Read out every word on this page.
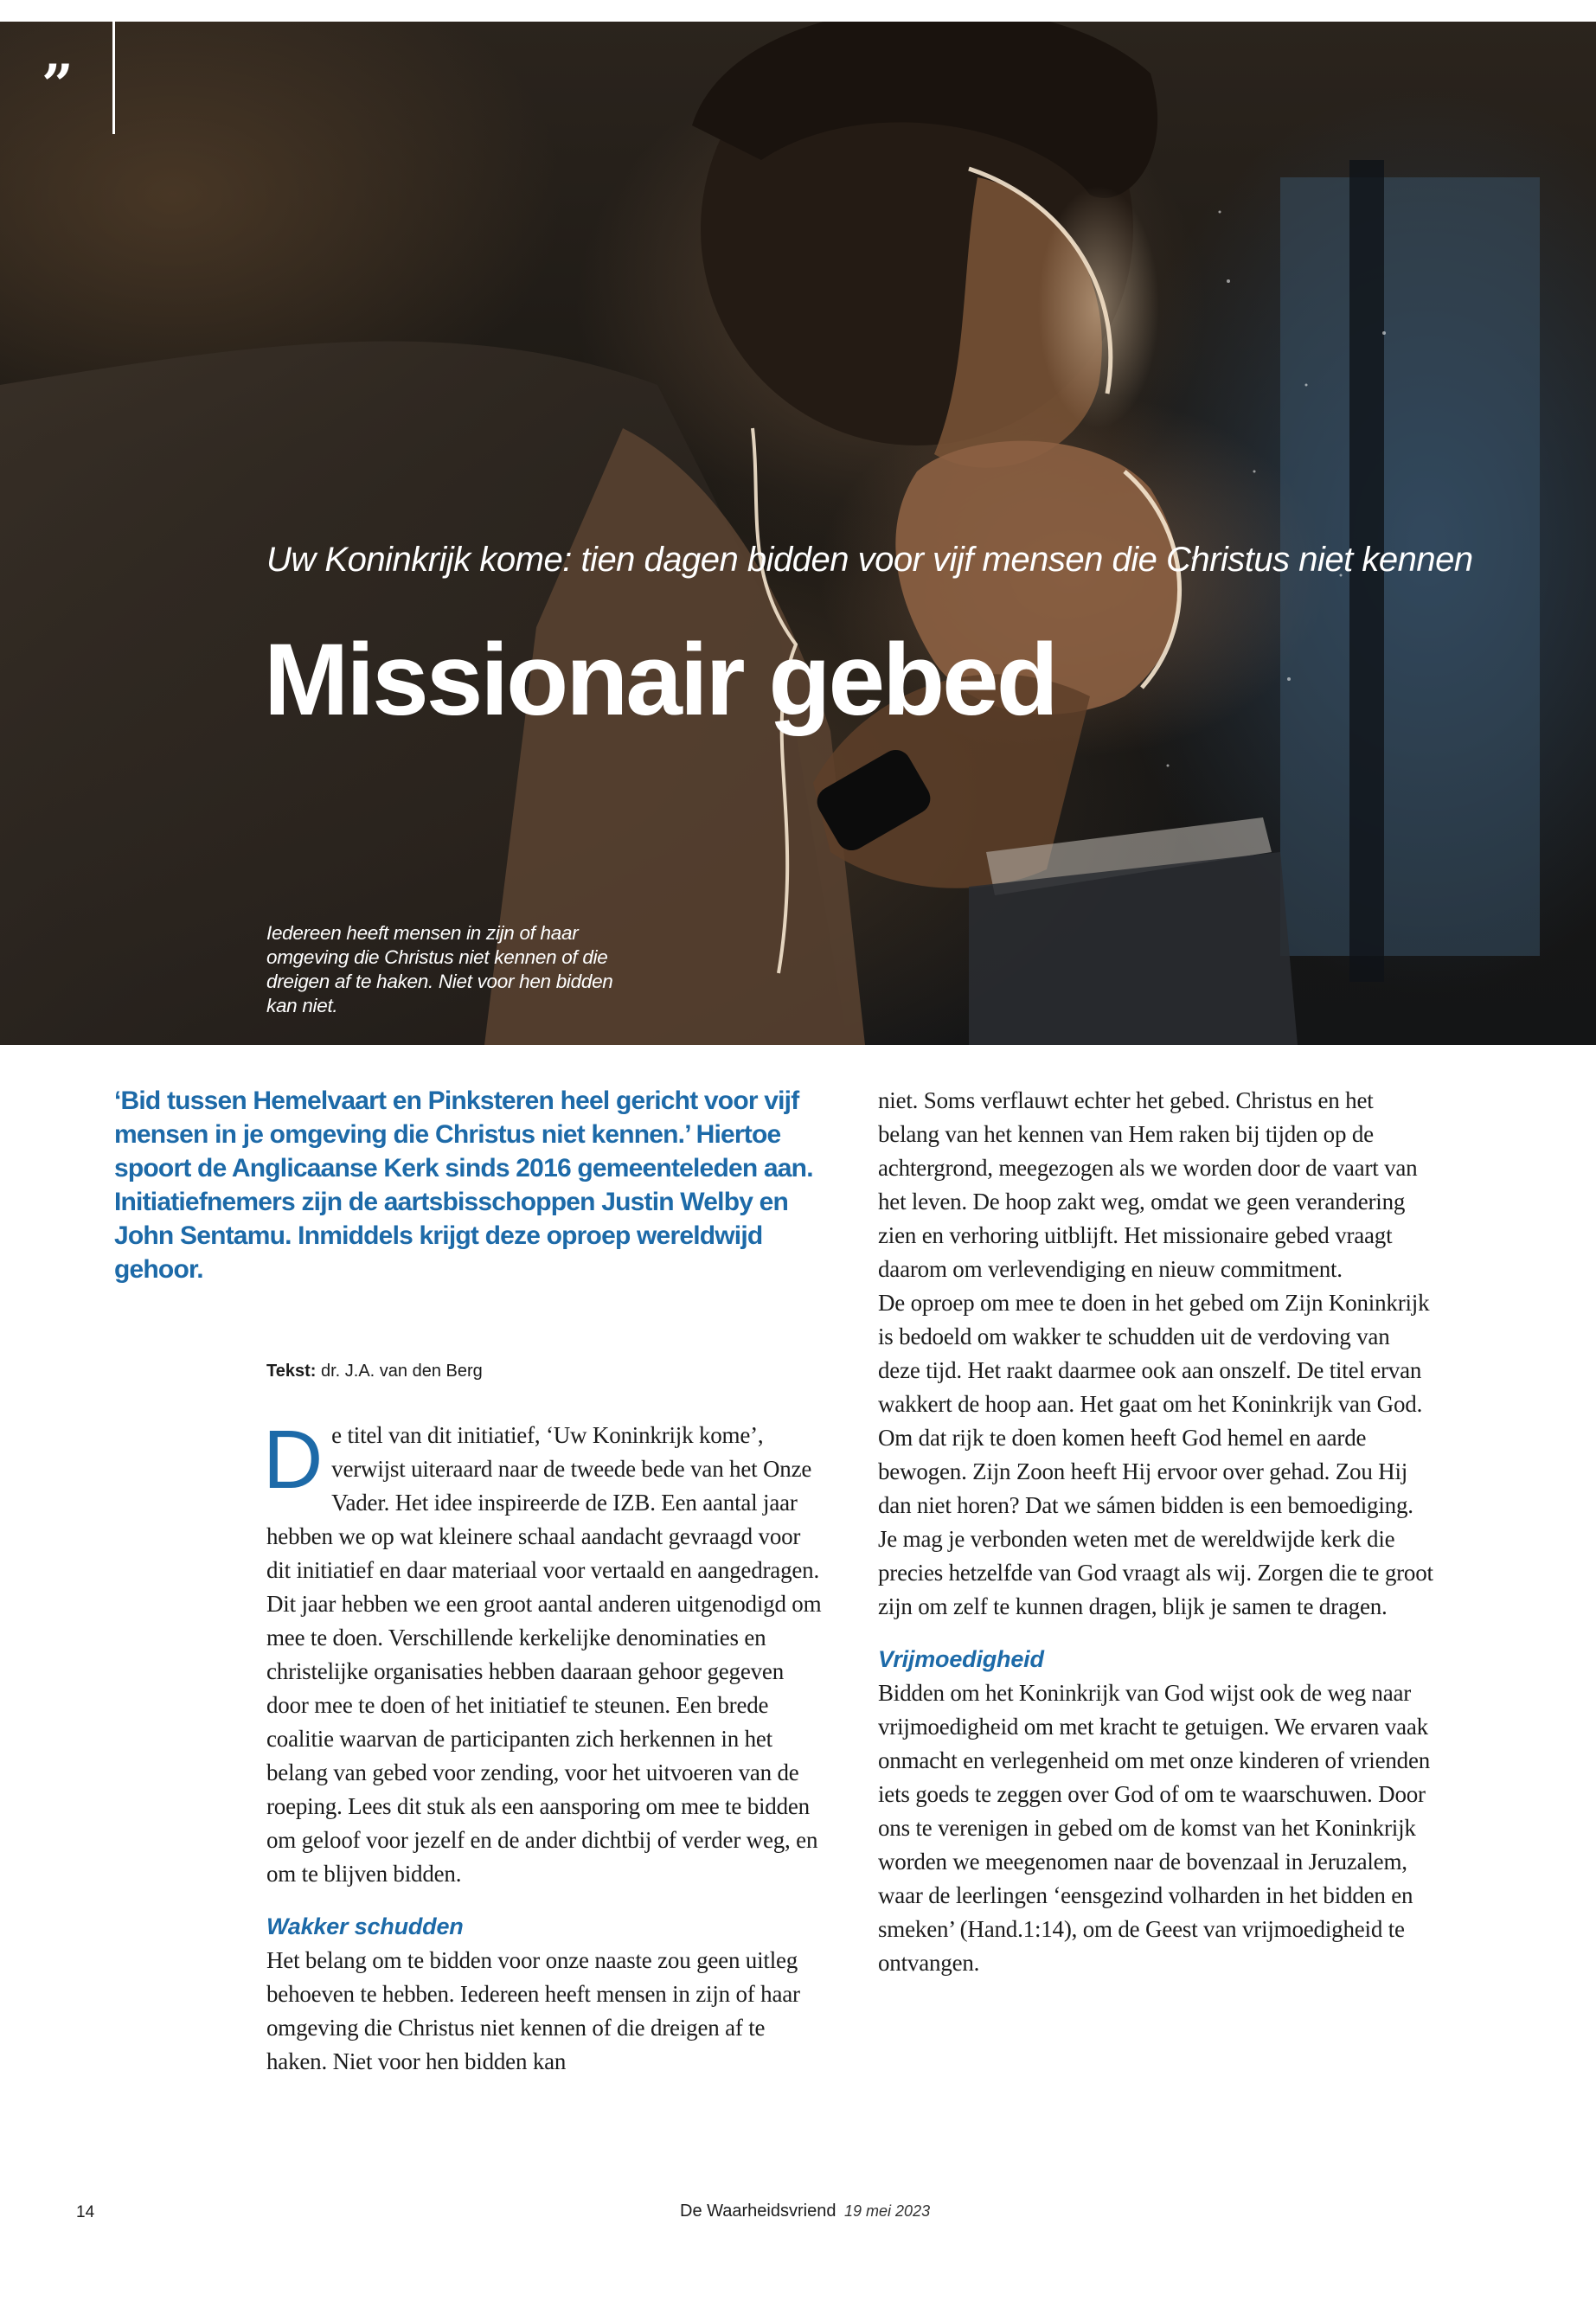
”
Uw Koninkrijk kome: tien dagen bidden voor vijf mensen die Christus niet kennen
Missionair gebed
Iedereen heeft mensen in zijn of haar omgeving die Christus niet kennen of die dreigen af te haken. Niet voor hen bidden kan niet.
‘Bid tussen Hemelvaart en Pinksteren heel gericht voor vijf mensen in je omgeving die Christus niet kennen.’ Hiertoe spoort de Anglicaanse Kerk sinds 2016 gemeenteleden aan. Initiatiefnemers zijn de aartsbisschoppen Justin Welby en John Sentamu. Inmiddels krijgt deze oproep wereldwijd gehoor.
Tekst: dr. J.A. van den Berg

De titel van dit initiatief, ‘Uw Koninkrijk kome’, verwijst uiteraard naar de tweede bede van het Onze Vader. Het idee inspireerde de IZB. Een aantal jaar hebben we op wat kleinere schaal aandacht gevraagd voor dit initiatief en daar materiaal voor vertaald en aangedragen. Dit jaar hebben we een groot aantal anderen uitgenodigd om mee te doen. Verschillende kerkelijke denominaties en christelijke organisaties hebben daaraan gehoor gegeven door mee te doen of het initiatief te steunen. Een brede coalitie waarvan de participanten zich herkennen in het belang van gebed voor zending, voor het uitvoeren van de roeping. Lees dit stuk als een aansporing om mee te bidden om geloof voor jezelf en de ander dichtbij of verder weg, en om te blijven bidden.

Wakker schudden

Het belang om te bidden voor onze naaste zou geen uitleg behoeven te hebben. Iedereen heeft mensen in zijn of haar omgeving die Christus niet kennen of die dreigen af te haken. Niet voor hen bidden kan

niet. Soms verflauwt echter het gebed. Christus en het belang van het kennen van Hem raken bij tijden op de achtergrond, meegezogen als we worden door de vaart van het leven. De hoop zakt weg, omdat we geen verandering zien en verhoring uitblijft. Het missionaire gebed vraagt daarom om verlevendiging en nieuw commitment.

De oproep om mee te doen in het gebed om Zijn Koninkrijk is bedoeld om wakker te schudden uit de verdoving van deze tijd. Het raakt daarmee ook aan onszelf. De titel ervan wakkert de hoop aan. Het gaat om het Koninkrijk van God. Om dat rijk te doen komen heeft God hemel en aarde bewogen. Zijn Zoon heeft Hij ervoor over gehad. Zou Hij dan niet horen? Dat we sámen bidden is een bemoediging. Je mag je verbonden weten met de wereldwijde kerk die precies hetzelfde van God vraagt als wij. Zorgen die te groot zijn om zelf te kunnen dragen, blijk je samen te dragen.

Vrijmoedigheid

Bidden om het Koninkrijk van God wijst ook de weg naar vrijmoedigheid om met kracht te getuigen. We ervaren vaak onmacht en verlegenheid om met onze kinderen of vrienden iets goeds te zeggen over God of om te waarschuwen. Door ons te verenigen in gebed om de komst van het Koninkrijk worden we meegenomen naar de bovenzaal in Jeruzalem, waar de leerlingen ‘eensgezind volharden in het bidden en smeken’ (Hand.1:14), om de Geest van vrijmoedigheid te ontvangen.

14	De Waarheidsvriend 19 mei 2023
